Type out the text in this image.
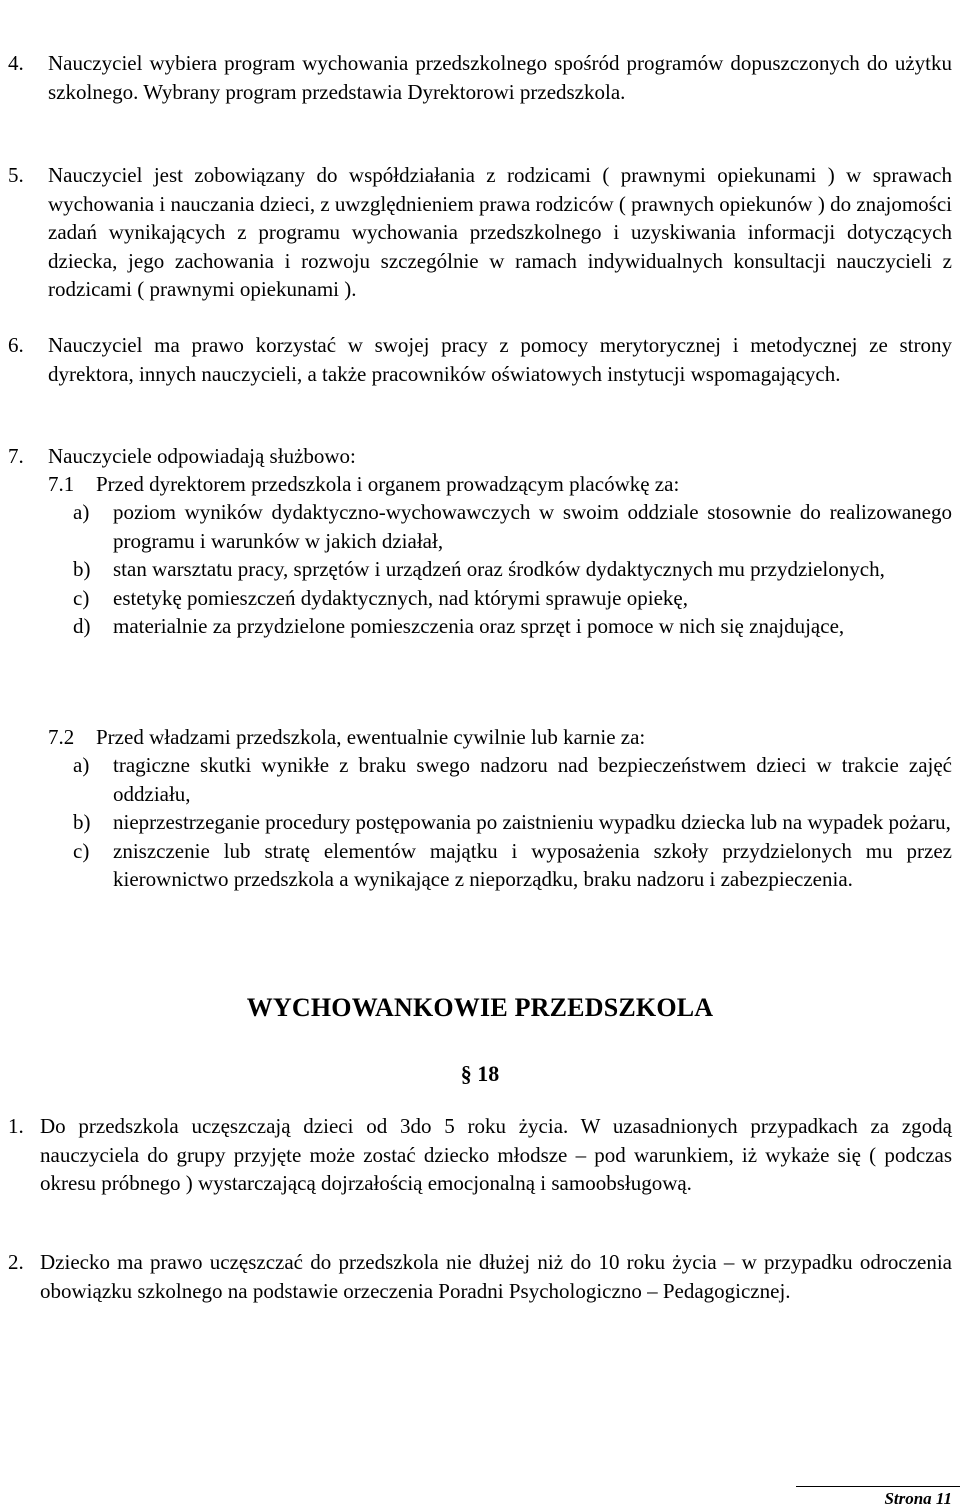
4. Nauczyciel wybiera program wychowania przedszkolnego spośród programów dopuszczonych do użytku szkolnego. Wybrany program przedstawia Dyrektorowi przedszkola.

5. Nauczyciel jest zobowiązany do współdziałania z rodzicami ( prawnymi opiekunami ) w sprawach wychowania i nauczania dzieci, z uwzględnieniem prawa rodziców ( prawnych opiekunów ) do znajomości zadań wynikających z programu wychowania przedszkolnego i uzyskiwania informacji dotyczących dziecka, jego zachowania i rozwoju szczególnie w ramach indywidualnych konsultacji nauczycieli z rodzicami ( prawnymi opiekunami ).

6. Nauczyciel ma prawo korzystać w swojej pracy z pomocy merytorycznej i metodycznej ze strony dyrektora, innych nauczycieli, a także pracowników oświatowych instytucji wspomagających.

7. Nauczyciele odpowiadają służbowo:

7.1 Przed dyrektorem przedszkola i organem prowadzącym placówkę za:

a) poziom wyników dydaktyczno-wychowawczych w swoim oddziale stosownie do realizowanego programu i warunków w jakich działał,

b) stan warsztatu pracy, sprzętów i urządzeń oraz środków dydaktycznych mu przydzielonych,

c) estetykę pomieszczeń dydaktycznych, nad którymi sprawuje opiekę,

d) materialnie za przydzielone pomieszczenia oraz sprzęt i pomoce w nich się znajdujące,

7.2 Przed władzami przedszkola, ewentualnie cywilnie lub karnie za:

a) tragiczne skutki wynikłe z braku swego nadzoru nad bezpieczeństwem dzieci w trakcie zajęć oddziału,

b) nieprzestrzeganie procedury postępowania po zaistnieniu wypadku dziecka lub na wypadek pożaru,

c) zniszczenie lub stratę elementów majątku i wyposażenia szkoły przydzielonych mu przez kierownictwo przedszkola a wynikające z nieporządku, braku nadzoru i zabezpieczenia.

WYCHOWANKOWIE PRZEDSZKOLA
§ 18
1. Do przedszkola uczęszczają dzieci od 3do 5 roku życia. W uzasadnionych przypadkach za zgodą nauczyciela do grupy przyjęte może zostać dziecko młodsze – pod warunkiem, iż wykaże się ( podczas okresu próbnego ) wystarczającą dojrzałością emocjonalną i samoobsługową.

2. Dziecko ma prawo uczęszczać do przedszkola nie dłużej niż do 10 roku życia – w przypadku odroczenia obowiązku szkolnego na podstawie orzeczenia Poradni Psychologiczno – Pedagogicznej.

Strona 11
